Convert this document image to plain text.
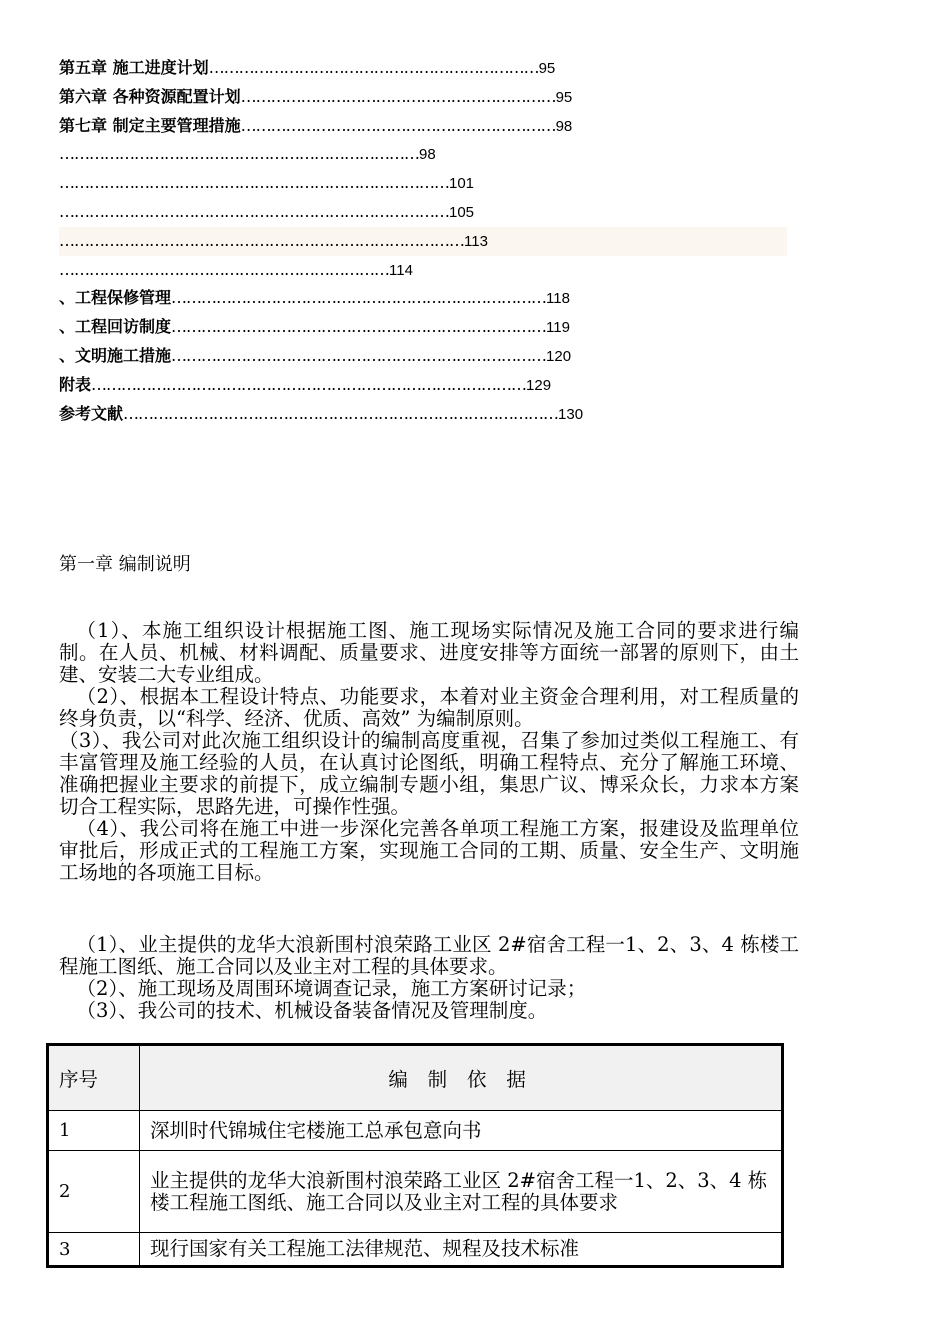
第五章 施工进度计划…………………………………………………………95
第六章 各种资源配置计划………………………………………………………95
第七章 制定主要管理措施………………………………………………………98
………………………………………………………………98
……………………………………………………………………101
……………………………………………………………………105
………………………………………………………………………113
…………………………………………………………114
、工程保修管理…………………………………………………………………118
、工程回访制度…………………………………………………………………119
、文明施工措施…………………………………………………………………120
附表……………………………………………………………………………129
参考文献……………………………………………………………………………130
第一章 编制说明

（1）、本施工组织设计根据施工图、施工现场实际情况及施工合同的要求进行编制。在人员、机械、材料调配、质量要求、进度安排等方面统一部署的原则下，由土建、安装二大专业组成。

（2）、根据本工程设计特点、功能要求，本着对业主资金合理利用，对工程质量的终身负责，以“科学、经济、优质、高效” 为编制原则。

（3）、我公司对此次施工组织设计的编制高度重视，召集了参加过类似工程施工、有丰富管理及施工经验的人员，在认真讨论图纸，明确工程特点、充分了解施工环境、准确把握业主要求的前提下，成立编制专题小组，集思广议、博采众长，力求本方案切合工程实际，思路先进，可操作性强。

（4）、我公司将在施工中进一步深化完善各单项工程施工方案，报建设及监理单位审批后，形成正式的工程施工方案，实现施工合同的工期、质量、安全生产、文明施工场地的各项施工目标。

（1）、业主提供的龙华大浪新围村浪荣路工业区 2#宿舍工程一1、2、3、4 栋楼工程施工图纸、施工合同以及业主对工程的具体要求。

（2）、施工现场及周围环境调查记录，施工方案研讨记录；

（3）、我公司的技术、机械设备装备情况及管理制度。

序号	编 制 依 据
1	深圳时代锦城住宅楼施工总承包意向书
2	业主提供的龙华大浪新围村浪荣路工业区 2#宿舍工程一1、2、3、4 栋楼工程施工图纸、施工合同以及业主对工程的具体要求
3	现行国家有关工程施工法律规范、规程及技术标准
